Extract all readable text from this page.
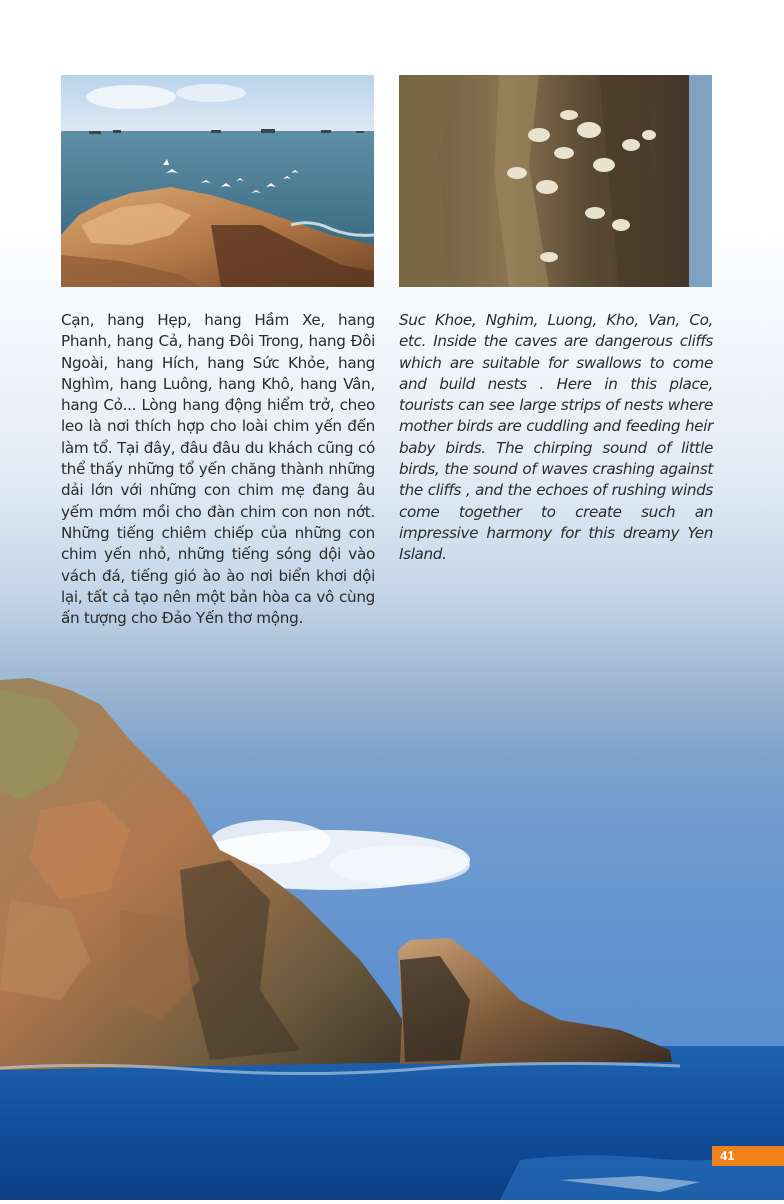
Cạn, hang Hẹp, hang Hầm Xe, hang Phanh, hang Cả, hang Đôi Trong, hang Đôi Ngoài, hang Hích, hang Sức Khỏe, hang Nghìm, hang Luông, hang Khô, hang Vân, hang Cỏ... Lòng hang động hiểm trở, cheo leo là nơi thích hợp cho loài chim yến đến làm tổ. Tại đây, đâu đâu du khách cũng có thể thấy những tổ yến chăng thành những dải lớn với những con chim mẹ đang âu yếm mớm mồi cho đàn chim con non nớt. Những tiếng chiêm chiếp của những con chim yến nhỏ, những tiếng sóng dội vào vách đá, tiếng gió ào ào nơi biển khơi dội lại, tất cả tạo nên một bản hòa ca vô cùng ấn tượng cho Đảo Yến thơ mộng.
Suc Khoe, Nghim, Luong, Kho, Van, Co, etc. Inside the caves are dangerous cliffs which are suitable for swallows to come and build nests . Here in this place, tourists can see large strips of nests where mother birds are cuddling and feeding heir baby birds. The chirping sound of little birds, the sound of waves crashing against the cliffs , and the echoes of rushing winds come together to create such an impressive harmony for this dreamy Yen Island.
41
